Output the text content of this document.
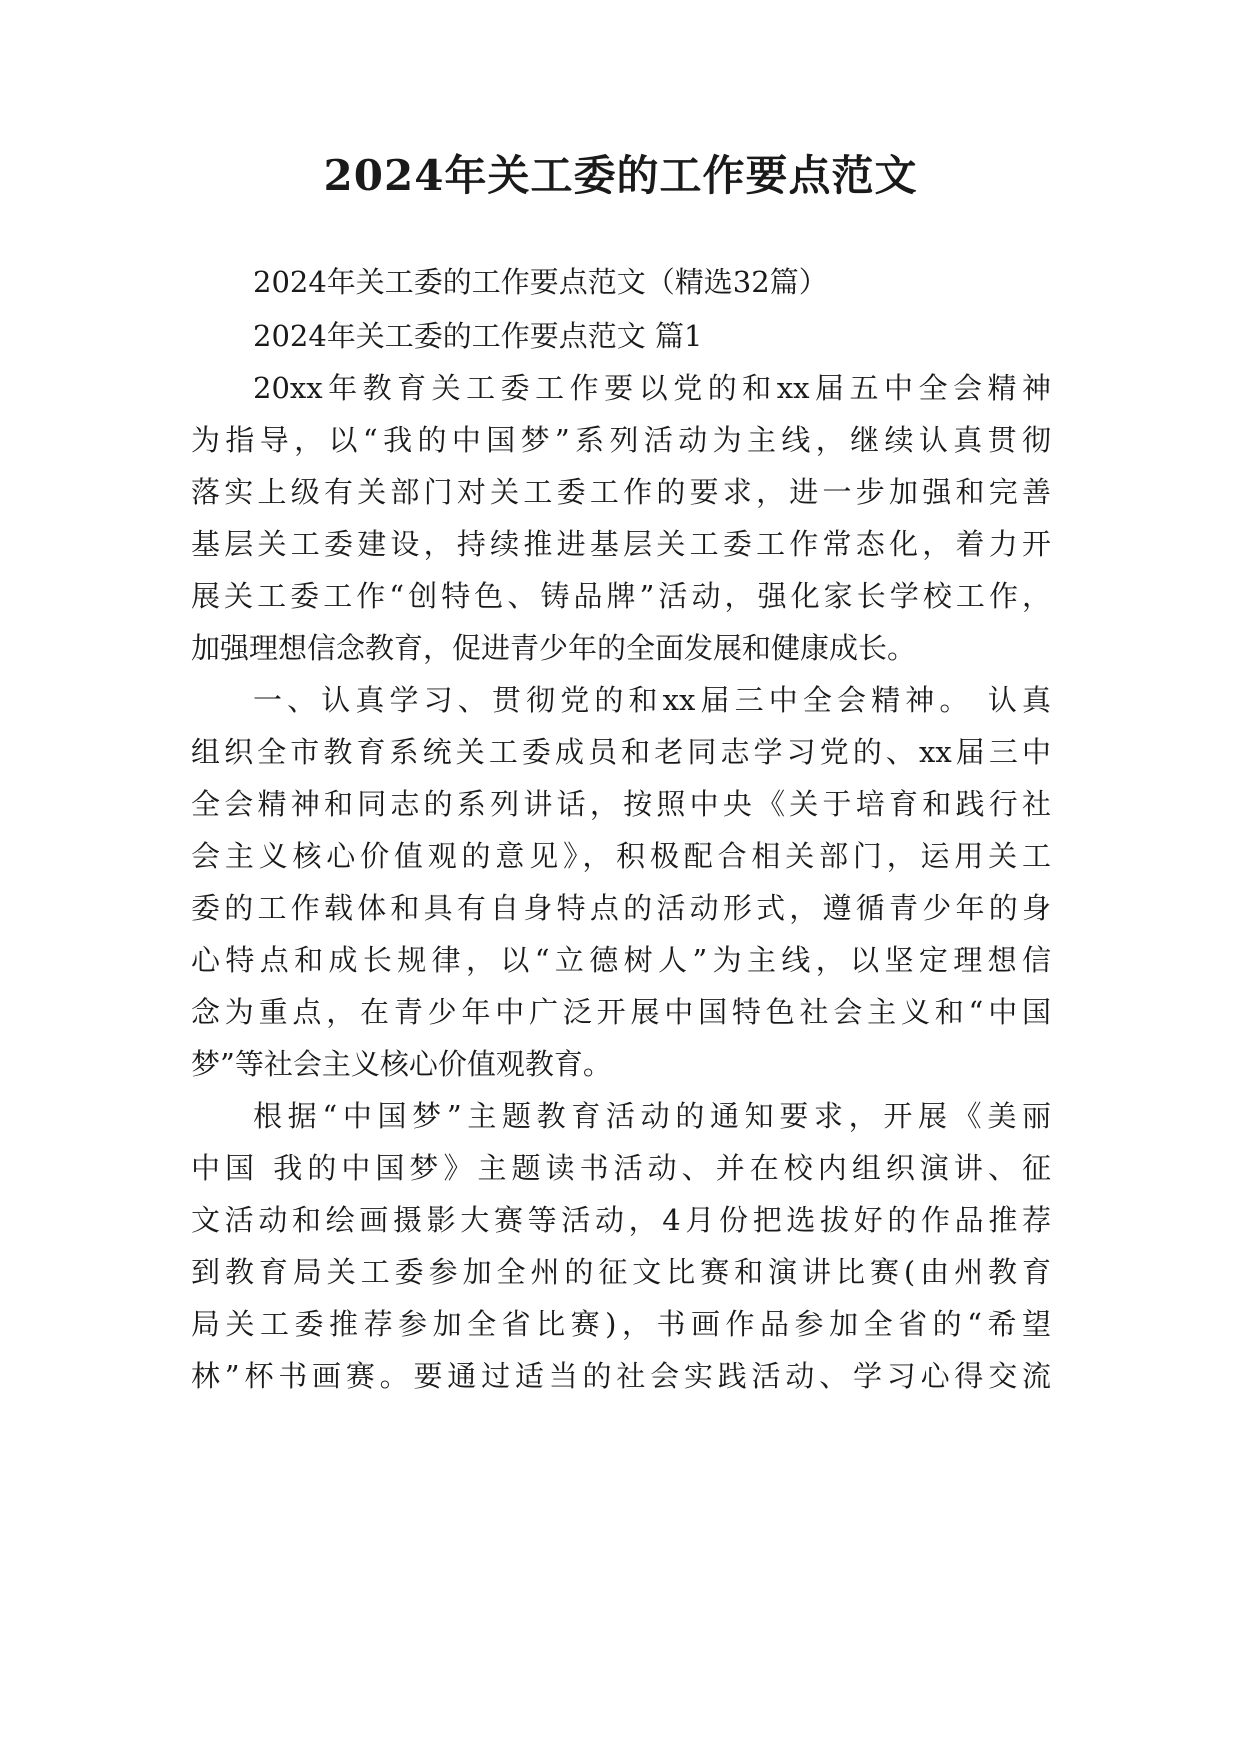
2024年关工委的工作要点范文

2024年关工委的工作要点范文（精选32篇）

2024年关工委的工作要点范文 篇1

20xx年教育关工委工作要以党的和xx届五中全会精神

为指导，以“我的中国梦”系列活动为主线，继续认真贯彻

落实上级有关部门对关工委工作的要求，进一步加强和完善

基层关工委建设，持续推进基层关工委工作常态化，着力开

展关工委工作“创特色、铸品牌”活动，强化家长学校工作，

加强理想信念教育，促进青少年的全面发展和健康成长。

一、认真学习、贯彻党的和xx届三中全会精神。 认真

组织全市教育系统关工委成员和老同志学习党的、xx届三中

全会精神和同志的系列讲话，按照中央《关于培育和践行社

会主义核心价值观的意见》，积极配合相关部门，运用关工

委的工作载体和具有自身特点的活动形式，遵循青少年的身

心特点和成长规律，以“立德树人”为主线，以坚定理想信

念为重点，在青少年中广泛开展中国特色社会主义和“中国

梦”等社会主义核心价值观教育。

根据“中国梦”主题教育活动的通知要求，开展《美丽

中国 我的中国梦》主题读书活动、并在校内组织演讲、征

文活动和绘画摄影大赛等活动，4月份把选拔好的作品推荐

到教育局关工委参加全州的征文比赛和演讲比赛(由州教育

局关工委推荐参加全省比赛)，书画作品参加全省的“希望

林”杯书画赛。要通过适当的社会实践活动、学习心得交流
